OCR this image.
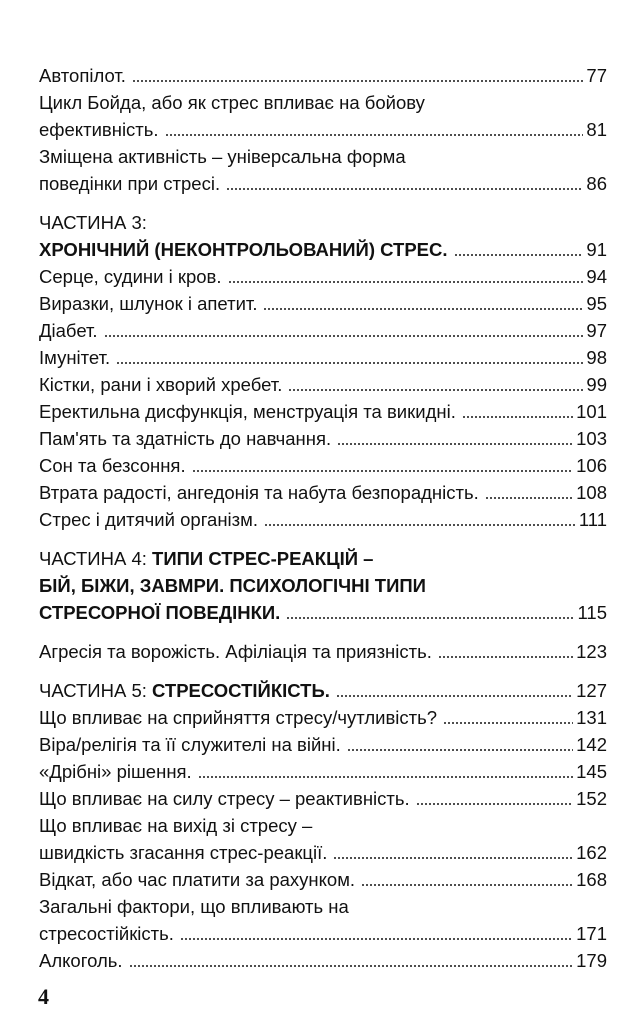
Автопілот.	77
Цикл Бойда, або як стрес впливає на бойову
ефективність.	81
Зміщена активність – універсальна форма
поведінки при стресі.	86
ЧАСТИНА 3:
ХРОНІЧНИЙ (НЕКОНТРОЛЬОВАНИЙ) СТРЕС.	91
Серце, судини і кров.	94
Виразки, шлунок і апетит.	95
Діабет.	97
Імунітет.	98
Кістки, рани і хворий хребет.	99
Еректильна дисфункція, менструація та викидні.	101
Пам'ять та здатність до навчання.	103
Сон та безсоння.	106
Втрата радості, ангедонія та набута безпорадність.	108
Стрес і дитячий організм.	111
ЧАСТИНА 4: ТИПИ СТРЕС-РЕАКЦІЙ –
БІЙ, БІЖИ, ЗАВМРИ. ПСИХОЛОГІЧНІ ТИПИ
СТРЕСОРНОЇ ПОВЕДІНКИ.	115
Агресія та ворожість. Афіліація та приязність.	123
ЧАСТИНА 5: СТРЕСОСТІЙКІСТЬ.	127
Що впливає на сприйняття стресу/чутливість?	131
Віра/релігія та її служителі на війні.	142
«Дрібні» рішення.	145
Що впливає на силу стресу – реактивність.	152
Що впливає на вихід зі стресу –
швидкість згасання стрес-реакції.	162
Відкат, або час платити за рахунком.	168
Загальні фактори, що впливають на
стресостійкість.	171
Алкоголь.	179
4
